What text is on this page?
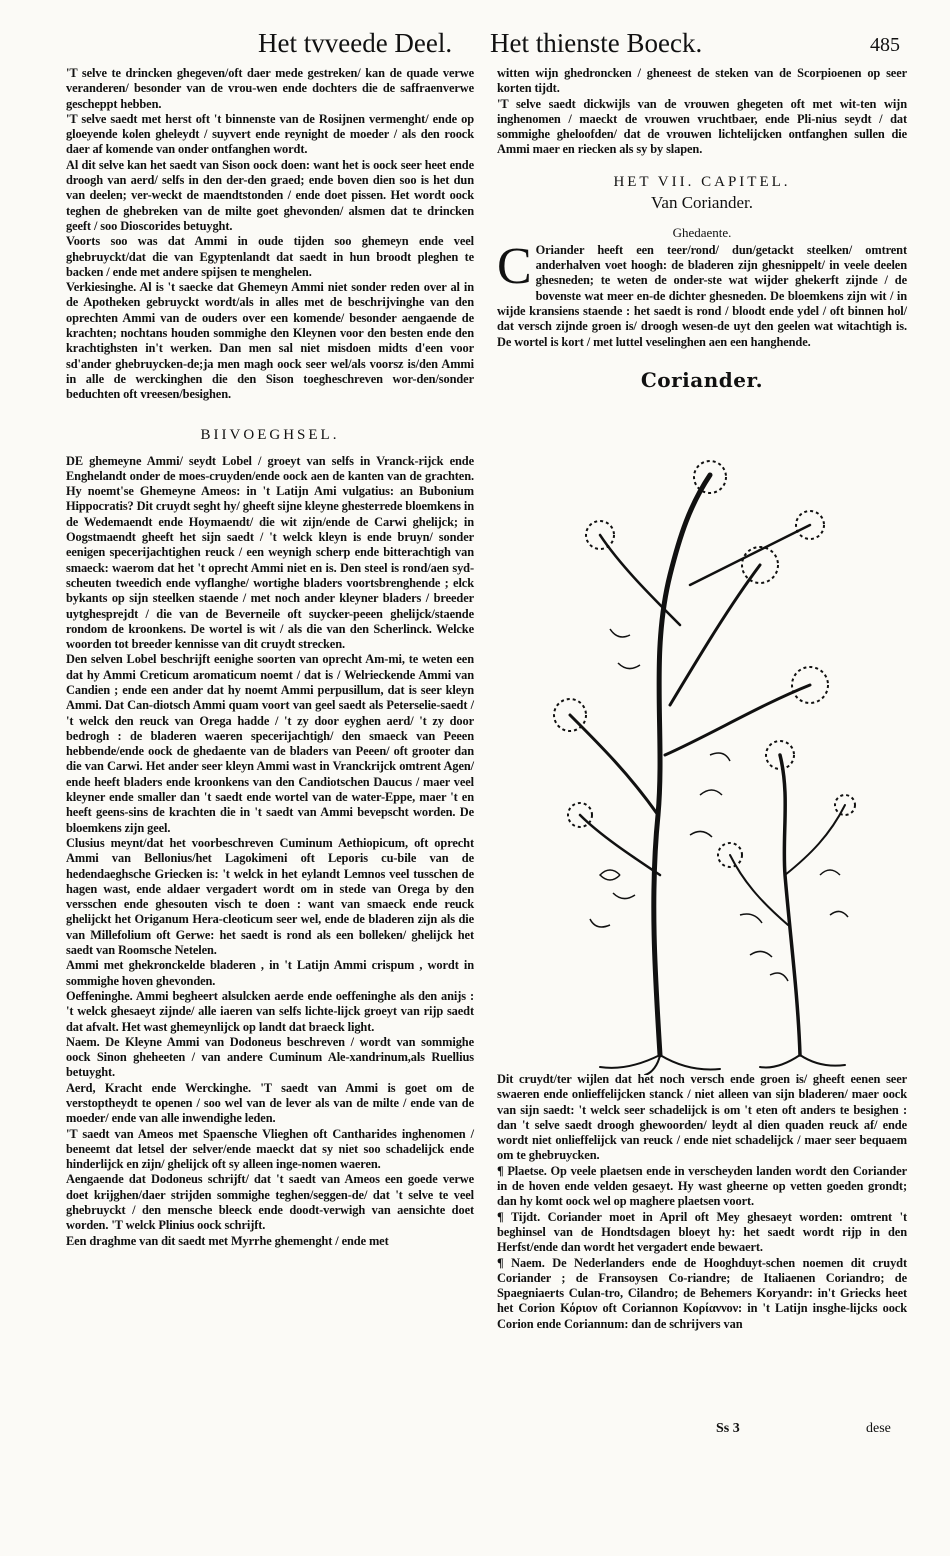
Het tvveede Deel. Het thienste Boeck.	485

'T selve te drincken ghegeven/oft daer mede gestreken/ kan de quade verwe veranderen/ besonder van de vrou-wen ende dochters die de saffraenverwe gescheppt hebben.

'T selve saedt met herst oft 't binnenste van de Rosijnen vermenght/ ende op gloeyende kolen gheleydt / suyvert ende reynight de moeder / als den roock daer af komende van onder ontfanghen wordt.

Al dit selve kan het saedt van Sison oock doen: want het is oock seer heet ende droogh van aerd/ selfs in den der-den graed; ende boven dien soo is het dun van deelen; ver-weckt de maendtstonden / ende doet pissen. Het wordt oock teghen de ghebreken van de milte goet ghevonden/ alsmen dat te drincken geeft / soo Dioscorides betuyght.

Voorts soo was dat Ammi in oude tijden soo ghemeyn ende veel ghebruyckt/dat die van Egyptenlandt dat saedt in hun broodt pleghen te backen / ende met andere spijsen te menghelen.

Verkiesinghe. Al is 't saecke dat Ghemeyn Ammi niet sonder reden over al in de Apotheken gebruyckt wordt/als in alles met de beschrijvinghe van den oprechten Ammi van de ouders over een komende/ besonder aengaende de krachten; nochtans houden sommighe den Kleynen voor den besten ende den krachtighsten in't werken. Dan men sal niet misdoen midts d'een voor sd'ander ghebruycken-de;ja men magh oock seer wel/als voorsz is/den Ammi in alle de werckinghen die den Sison toegheschreven wor-den/sonder beduchten oft vreesen/besighen.

BIIVOEGHSEL.

DE ghemeyne Ammi/ seydt Lobel / groeyt van selfs in Vranck-rijck ende Enghelandt onder de moes-cruyden/ende oock aen de kanten van de grachten. Hy noemt'se Ghemeyne Ameos: in 't Latijn Ami vulgatius: an Bubonium Hippocratis? Dit cruydt seght hy/ gheeft sijne kleyne ghesterrede bloemkens in de Wedemaendt ende Hoymaendt/ die wit zijn/ende de Carwi ghelijck; in Oogstmaendt gheeft het sijn saedt / 't welck kleyn is ende bruyn/ sonder eenigen specerijachtighen reuck / een weynigh scherp ende bitterachtigh van smaeck: waerom dat het 't oprecht Ammi niet en is. Den steel is rond/aen syd-scheuten tweedich ende vyflanghe/ wortighe bladers voortsbrenghende ; elck bykants op sijn steelken staende / met noch ander kleyner bladers / breeder uytghesprejdt / die van de Beverneile oft suycker-peeen ghelijck/staende rondom de kroonkens. De wortel is wit / als die van den Scherlinck. Welcke woorden tot breeder kennisse van dit cruydt strecken.

Den selven Lobel beschrijft eenighe soorten van oprecht Am-mi, te weten een dat hy Ammi Creticum aromaticum noemt / dat is / Welrieckende Ammi van Candien ; ende een ander dat hy noemt Ammi perpusillum, dat is seer kleyn Ammi. Dat Can-diotsch Ammi quam voort van geel saedt als Peterselie-saedt / 't welck den reuck van Orega hadde / 't zy door eyghen aerd/ 't zy door bedrogh : de bladeren waeren specerijachtigh/ den smaeck van Peeen hebbende/ende oock de ghedaente van de bladers van Peeen/ oft grooter dan die van Carwi. Het ander seer kleyn Ammi wast in Vranckrijck omtrent Agen/ ende heeft bladers ende kroonkens van den Candiotschen Daucus / maer veel kleyner ende smaller dan 't saedt ende wortel van de water-Eppe, maer 't en heeft geens-sins de krachten die in 't saedt van Ammi bevepscht worden. De bloemkens zijn geel.

Clusius meynt/dat het voorbeschreven Cuminum Aethiopicum, oft oprecht Ammi van Bellonius/het Lagokimeni oft Leporis cu-bile van de hedendaeghsche Griecken is: 't welck in het eylandt Lemnos veel tusschen de hagen wast, ende aldaer vergadert wordt om in stede van Orega by den versschen ende ghesouten visch te doen : want van smaeck ende reuck ghelijckt het Origanum Hera-cleoticum seer wel, ende de bladeren zijn als die van Millefolium oft Gerwe: het saedt is rond als een bolleken/ ghelijck het saedt van Roomsche Netelen.

Ammi met ghekronckelde bladeren , in 't Latijn Ammi crispum , wordt in sommighe hoven ghevonden.

Oeffeninghe. Ammi begheert alsulcken aerde ende oeffeninghe als den anijs : 't welck ghesaeyt zijnde/ alle iaeren van selfs lichte-lijck groeyt van rijp saedt dat afvalt. Het wast ghemeynlijck op landt dat braeck light.

Naem. De Kleyne Ammi van Dodoneus beschreven / wordt van sommighe oock Sinon gheheeten / van andere Cuminum Ale-xandrinum,als Ruellius betuyght.

Aerd, Kracht ende Werckinghe. 'T saedt van Ammi is goet om de verstoptheydt te openen / soo wel van de lever als van de milte / ende van de moeder/ ende van alle inwendighe leden.

'T saedt van Ameos met Spaensche Vlieghen oft Cantharides inghenomen / beneemt dat letsel der selver/ende maeckt dat sy niet soo schadelijck ende hinderlijck en zijn/ ghelijck oft sy alleen inge-nomen waeren.

Aengaende dat Dodoneus schrijft/ dat 't saedt van Ameos een goede verwe doet krijghen/daer strijden sommighe teghen/seggen-de/ dat 't selve te veel ghebruyckt / den mensche bleeck ende doodt-verwigh van aensichte doet worden. 'T welck Plinius oock schrijft.

Een draghme van dit saedt met Myrrhe ghemenght / ende met

witten wijn ghedroncken / gheneest de steken van de Scorpioenen op seer korten tijdt.

'T selve saedt dickwijls van de vrouwen ghegeten oft met wit-ten wijn inghenomen / maeckt de vrouwen vruchtbaer, ende Pli-nius seydt / dat sommighe gheloofden/ dat de vrouwen lichtelijcken ontfanghen sullen die Ammi maer en riecken als sy by slapen.

HET VII. CAPITEL.
Van Coriander.
Ghedaente.

C Oriander heeft een teer/rond/ dun/getackt steelken/ omtrent anderhalven voet hoogh: de bladeren zijn ghesnippelt/ in veele deelen ghesneden; te weten de onder-ste wat wijder ghekerft zijnde / de bovenste wat meer en-de dichter ghesneden. De bloemkens zijn wit / in wijde kransiens staende : het saedt is rond / bloodt ende ydel / oft binnen hol/ dat versch zijnde groen is/ droogh wesen-de uyt den geelen wat witachtigh is. De wortel is kort / met luttel veselinghen aen een hanghende.

Coriander.

Dit cruydt/ter wijlen dat het noch versch ende groen is/ gheeft eenen seer swaeren ende onlieffelijcken stanck / niet alleen van sijn bladeren/ maer oock van sijn saedt: 't welck seer schadelijck is om 't eten oft anders te besighen : dan 't selve saedt droogh ghewoorden/ leydt al dien quaden reuck af/ ende wordt niet onlieffelijck van reuck / ende niet schadelijck / maer seer bequaem om te ghebruycken.

¶ Plaetse. Op veele plaetsen ende in verscheyden landen wordt den Coriander in de hoven ende velden gesaeyt. Hy wast gheerne op vetten goeden grondt; dan hy komt oock wel op maghere plaetsen voort.

¶ Tijdt. Coriander moet in April oft Mey ghesaeyt worden: omtrent 't beghinsel van de Hondtsdagen bloeyt hy: het saedt wordt rijp in den Herfst/ende dan wordt het vergadert ende bewaert.

¶ Naem. De Nederlanders ende de Hooghduyt-schen noemen dit cruydt Coriander ; de Fransoysen Co-riandre; de Italiaenen Coriandro; de Spaegniaerts Culan-tro, Cilandro; de Behemers Koryandr: in't Griecks heet het Corion Κόριον oft Coriannon Κορίαννον: in 't Latijn insghe-lijcks oock Corion ende Coriannum: dan de schrijvers van

Ss 3	dese
